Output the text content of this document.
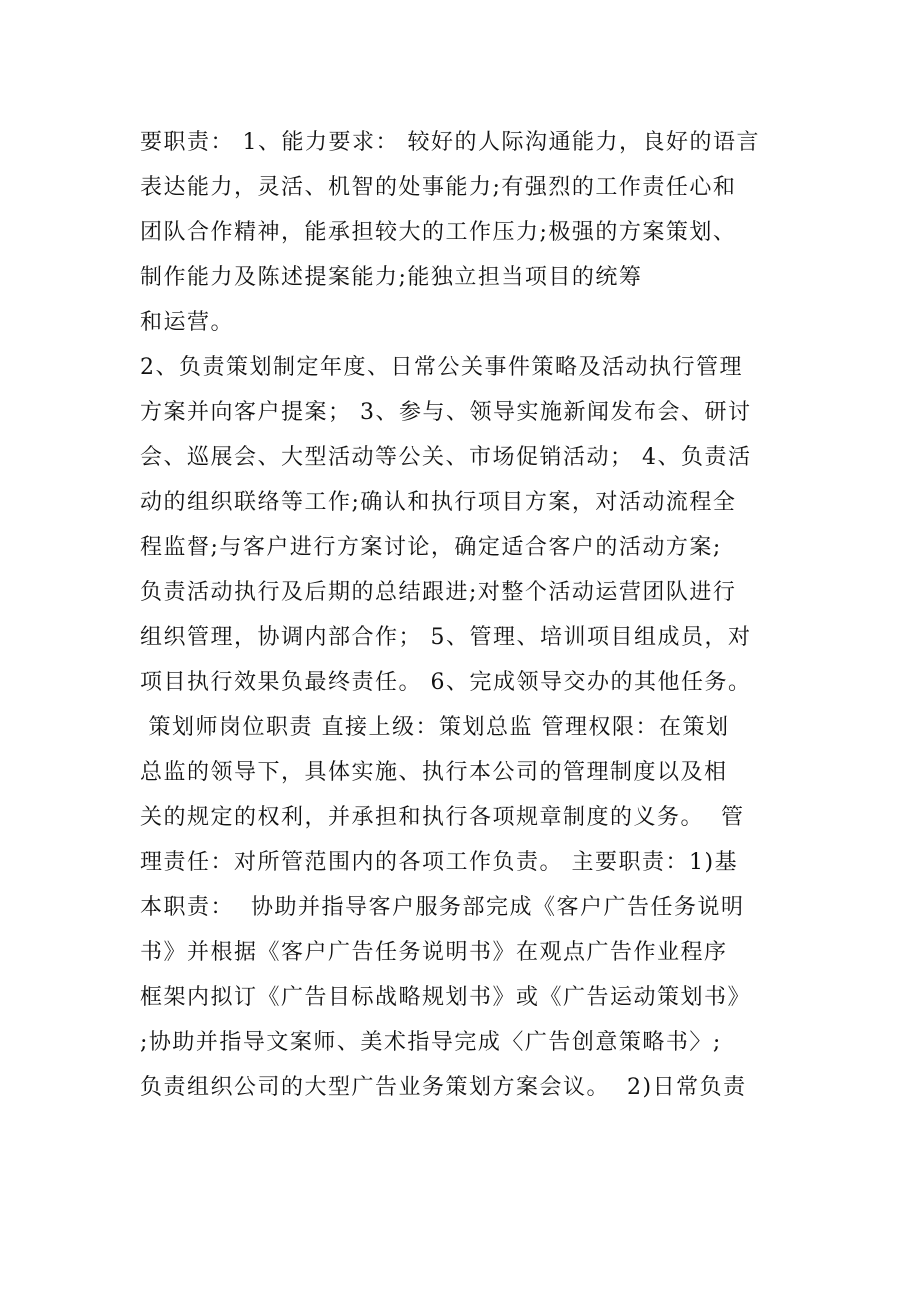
要职责： 1、能力要求： 较好的人际沟通能力，良好的语言
表达能力，灵活、机智的处事能力;有强烈的工作责任心和
团队合作精神，能承担较大的工作压力;极强的方案策划、
制作能力及陈述提案能力;能独立担当项目的统筹
和运营。
2、负责策划制定年度、日常公关事件策略及活动执行管理
方案并向客户提案； 3、参与、领导实施新闻发布会、研讨
会、巡展会、大型活动等公关、市场促销活动； 4、负责活
动的组织联络等工作;确认和执行项目方案，对活动流程全
程监督;与客户进行方案讨论，确定适合客户的活动方案;
负责活动执行及后期的总结跟进;对整个活动运营团队进行
组织管理，协调内部合作； 5、管理、培训项目组成员，对
项目执行效果负最终责任。 6、完成领导交办的其他任务。
策划师岗位职责 直接上级：策划总监 管理权限：在策划
总监的领导下，具体实施、执行本公司的管理制度以及相
关的规定的权利，并承担和执行各项规章制度的义务。  管
理责任：对所管范围内的各项工作负责。 主要职责：1)基
本职责：  协助并指导客户服务部完成《客户广告任务说明
书》并根据《客户广告任务说明书》在观点广告作业程序
框架内拟订《广告目标战略规划书》或《广告运动策划书》
;协助并指导文案师、美术指导完成〈广告创意策略书〉;
负责组织公司的大型广告业务策划方案会议。  2)日常负责
